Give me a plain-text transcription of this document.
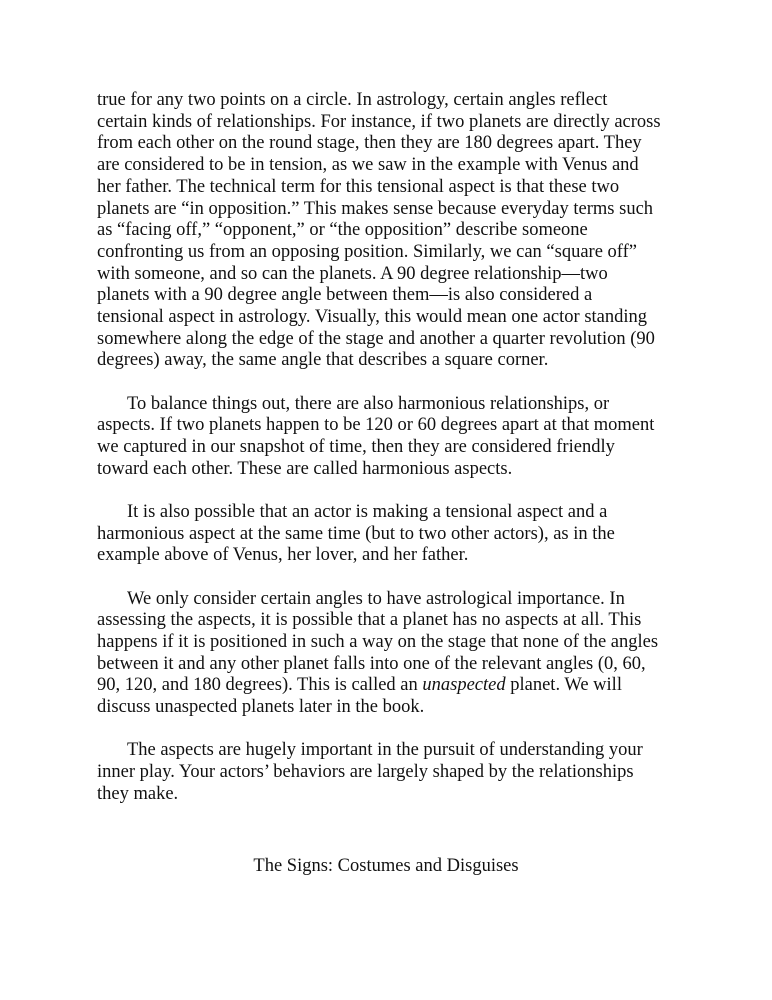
true for any two points on a circle. In astrology, certain angles reflect
certain kinds of relationships. For instance, if two planets are directly across
from each other on the round stage, then they are 180 degrees apart. They
are considered to be in tension, as we saw in the example with Venus and
her father. The technical term for this tensional aspect is that these two
planets are “in opposition.” This makes sense because everyday terms such
as “facing off,” “opponent,” or “the opposition” describe someone
confronting us from an opposing position. Similarly, we can “square off”
with someone, and so can the planets. A 90 degree relationship—two
planets with a 90 degree angle between them—is also considered a
tensional aspect in astrology. Visually, this would mean one actor standing
somewhere along the edge of the stage and another a quarter revolution (90
degrees) away, the same angle that describes a square corner.

To balance things out, there are also harmonious relationships, or
aspects. If two planets happen to be 120 or 60 degrees apart at that moment
we captured in our snapshot of time, then they are considered friendly
toward each other. These are called harmonious aspects.

It is also possible that an actor is making a tensional aspect and a
harmonious aspect at the same time (but to two other actors), as in the
example above of Venus, her lover, and her father.

We only consider certain angles to have astrological importance. In
assessing the aspects, it is possible that a planet has no aspects at all. This
happens if it is positioned in such a way on the stage that none of the angles
between it and any other planet falls into one of the relevant angles (0, 60,
90, 120, and 180 degrees). This is called an unaspected planet. We will
discuss unaspected planets later in the book.

The aspects are hugely important in the pursuit of understanding your
inner play. Your actors’ behaviors are largely shaped by the relationships
they make.

The Signs: Costumes and Disguises
